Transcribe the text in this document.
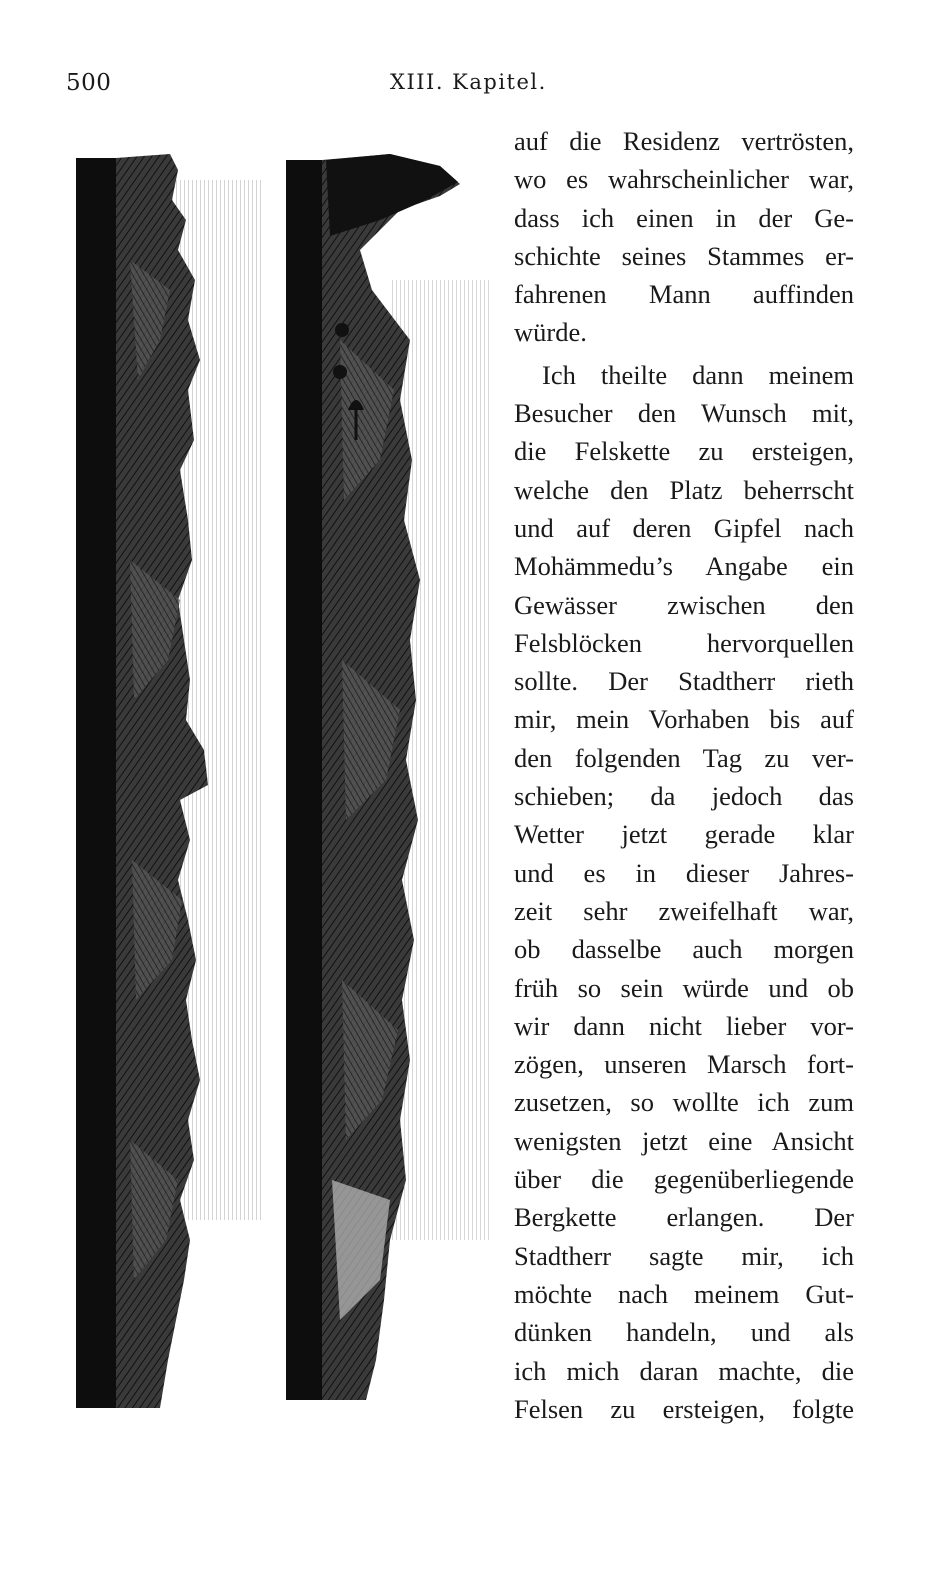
500	XIII. Kapitel.
auf die Residenz vertrösten,
wo es wahrscheinlicher war,
dass ich einen in der Ge-
schichte seines Stammes er-
fahrenen Mann auffinden
würde.
Ich theilte dann meinem
Besucher den Wunsch mit,
die Felskette zu ersteigen,
welche den Platz beherrscht
und auf deren Gipfel nach
Mohämmedu’s Angabe ein
Gewässer zwischen den
Felsblöcken hervorquellen
sollte. Der Stadtherr rieth
mir, mein Vorhaben bis auf
den folgenden Tag zu ver-
schieben; da jedoch das
Wetter jetzt gerade klar
und es in dieser Jahres-
zeit sehr zweifelhaft war,
ob dasselbe auch morgen
früh so sein würde und ob
wir dann nicht lieber vor-
zögen, unseren Marsch fort-
zusetzen, so wollte ich zum
wenigsten jetzt eine Ansicht
über die gegenüberliegende
Bergkette erlangen. Der
Stadtherr sagte mir, ich
möchte nach meinem Gut-
dünken handeln, und als
ich mich daran machte, die
Felsen zu ersteigen, folgte
